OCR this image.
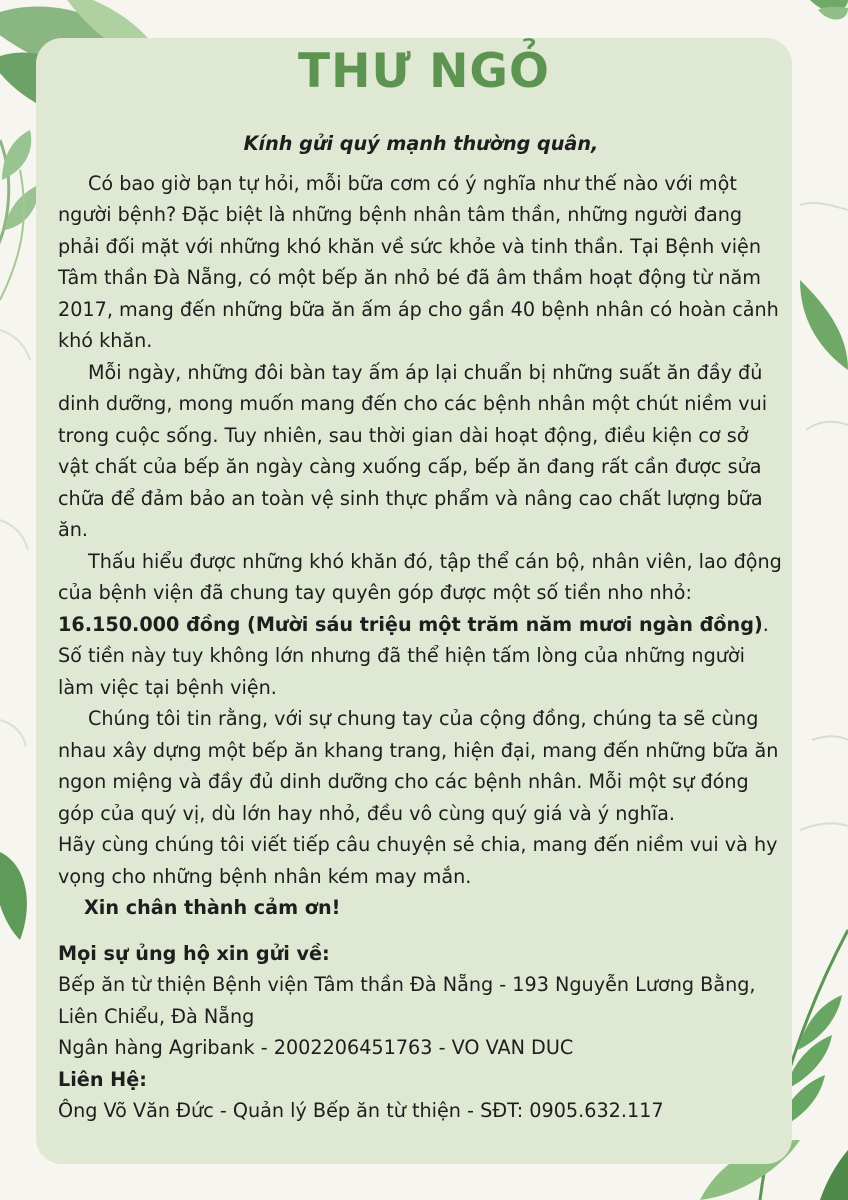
THƯ NGỎ

Kính gửi quý mạnh thường quân,

Có bao giờ bạn tự hỏi, mỗi bữa cơm có ý nghĩa như thế nào với một người bệnh? Đặc biệt là những bệnh nhân tâm thần, những người đang phải đối mặt với những khó khăn về sức khỏe và tinh thần. Tại Bệnh viện Tâm thần Đà Nẵng, có một bếp ăn nhỏ bé đã âm thầm hoạt động từ năm 2017, mang đến những bữa ăn ấm áp cho gần 40 bệnh nhân có hoàn cảnh khó khăn.

Mỗi ngày, những đôi bàn tay ấm áp lại chuẩn bị những suất ăn đầy đủ dinh dưỡng, mong muốn mang đến cho các bệnh nhân một chút niềm vui trong cuộc sống. Tuy nhiên, sau thời gian dài hoạt động, điều kiện cơ sở vật chất của bếp ăn ngày càng xuống cấp, bếp ăn đang rất cần được sửa chữa để đảm bảo an toàn vệ sinh thực phẩm và nâng cao chất lượng bữa ăn.

Thấu hiểu được những khó khăn đó, tập thể cán bộ, nhân viên, lao động của bệnh viện đã chung tay quyên góp được một số tiền nho nhỏ: 16.150.000 đồng (Mười sáu triệu một trăm năm mươi ngàn đồng). Số tiền này tuy không lớn nhưng đã thể hiện tấm lòng của những người làm việc tại bệnh viện.

Chúng tôi tin rằng, với sự chung tay của cộng đồng, chúng ta sẽ cùng nhau xây dựng một bếp ăn khang trang, hiện đại, mang đến những bữa ăn ngon miệng và đầy đủ dinh dưỡng cho các bệnh nhân. Mỗi một sự đóng góp của quý vị, dù lớn hay nhỏ, đều vô cùng quý giá và ý nghĩa.

Hãy cùng chúng tôi viết tiếp câu chuyện sẻ chia, mang đến niềm vui và hy vọng cho những bệnh nhân kém may mắn.

Xin chân thành cảm ơn!

Mọi sự ủng hộ xin gửi về:

Bếp ăn từ thiện Bệnh viện Tâm thần Đà Nẵng - 193 Nguyễn Lương Bằng, Liên Chiểu, Đà Nẵng

Ngân hàng Agribank - 2002206451763 - VO VAN DUC

Liên Hệ:

Ông Võ Văn Đức - Quản lý Bếp ăn từ thiện - SĐT: 0905.632.117
